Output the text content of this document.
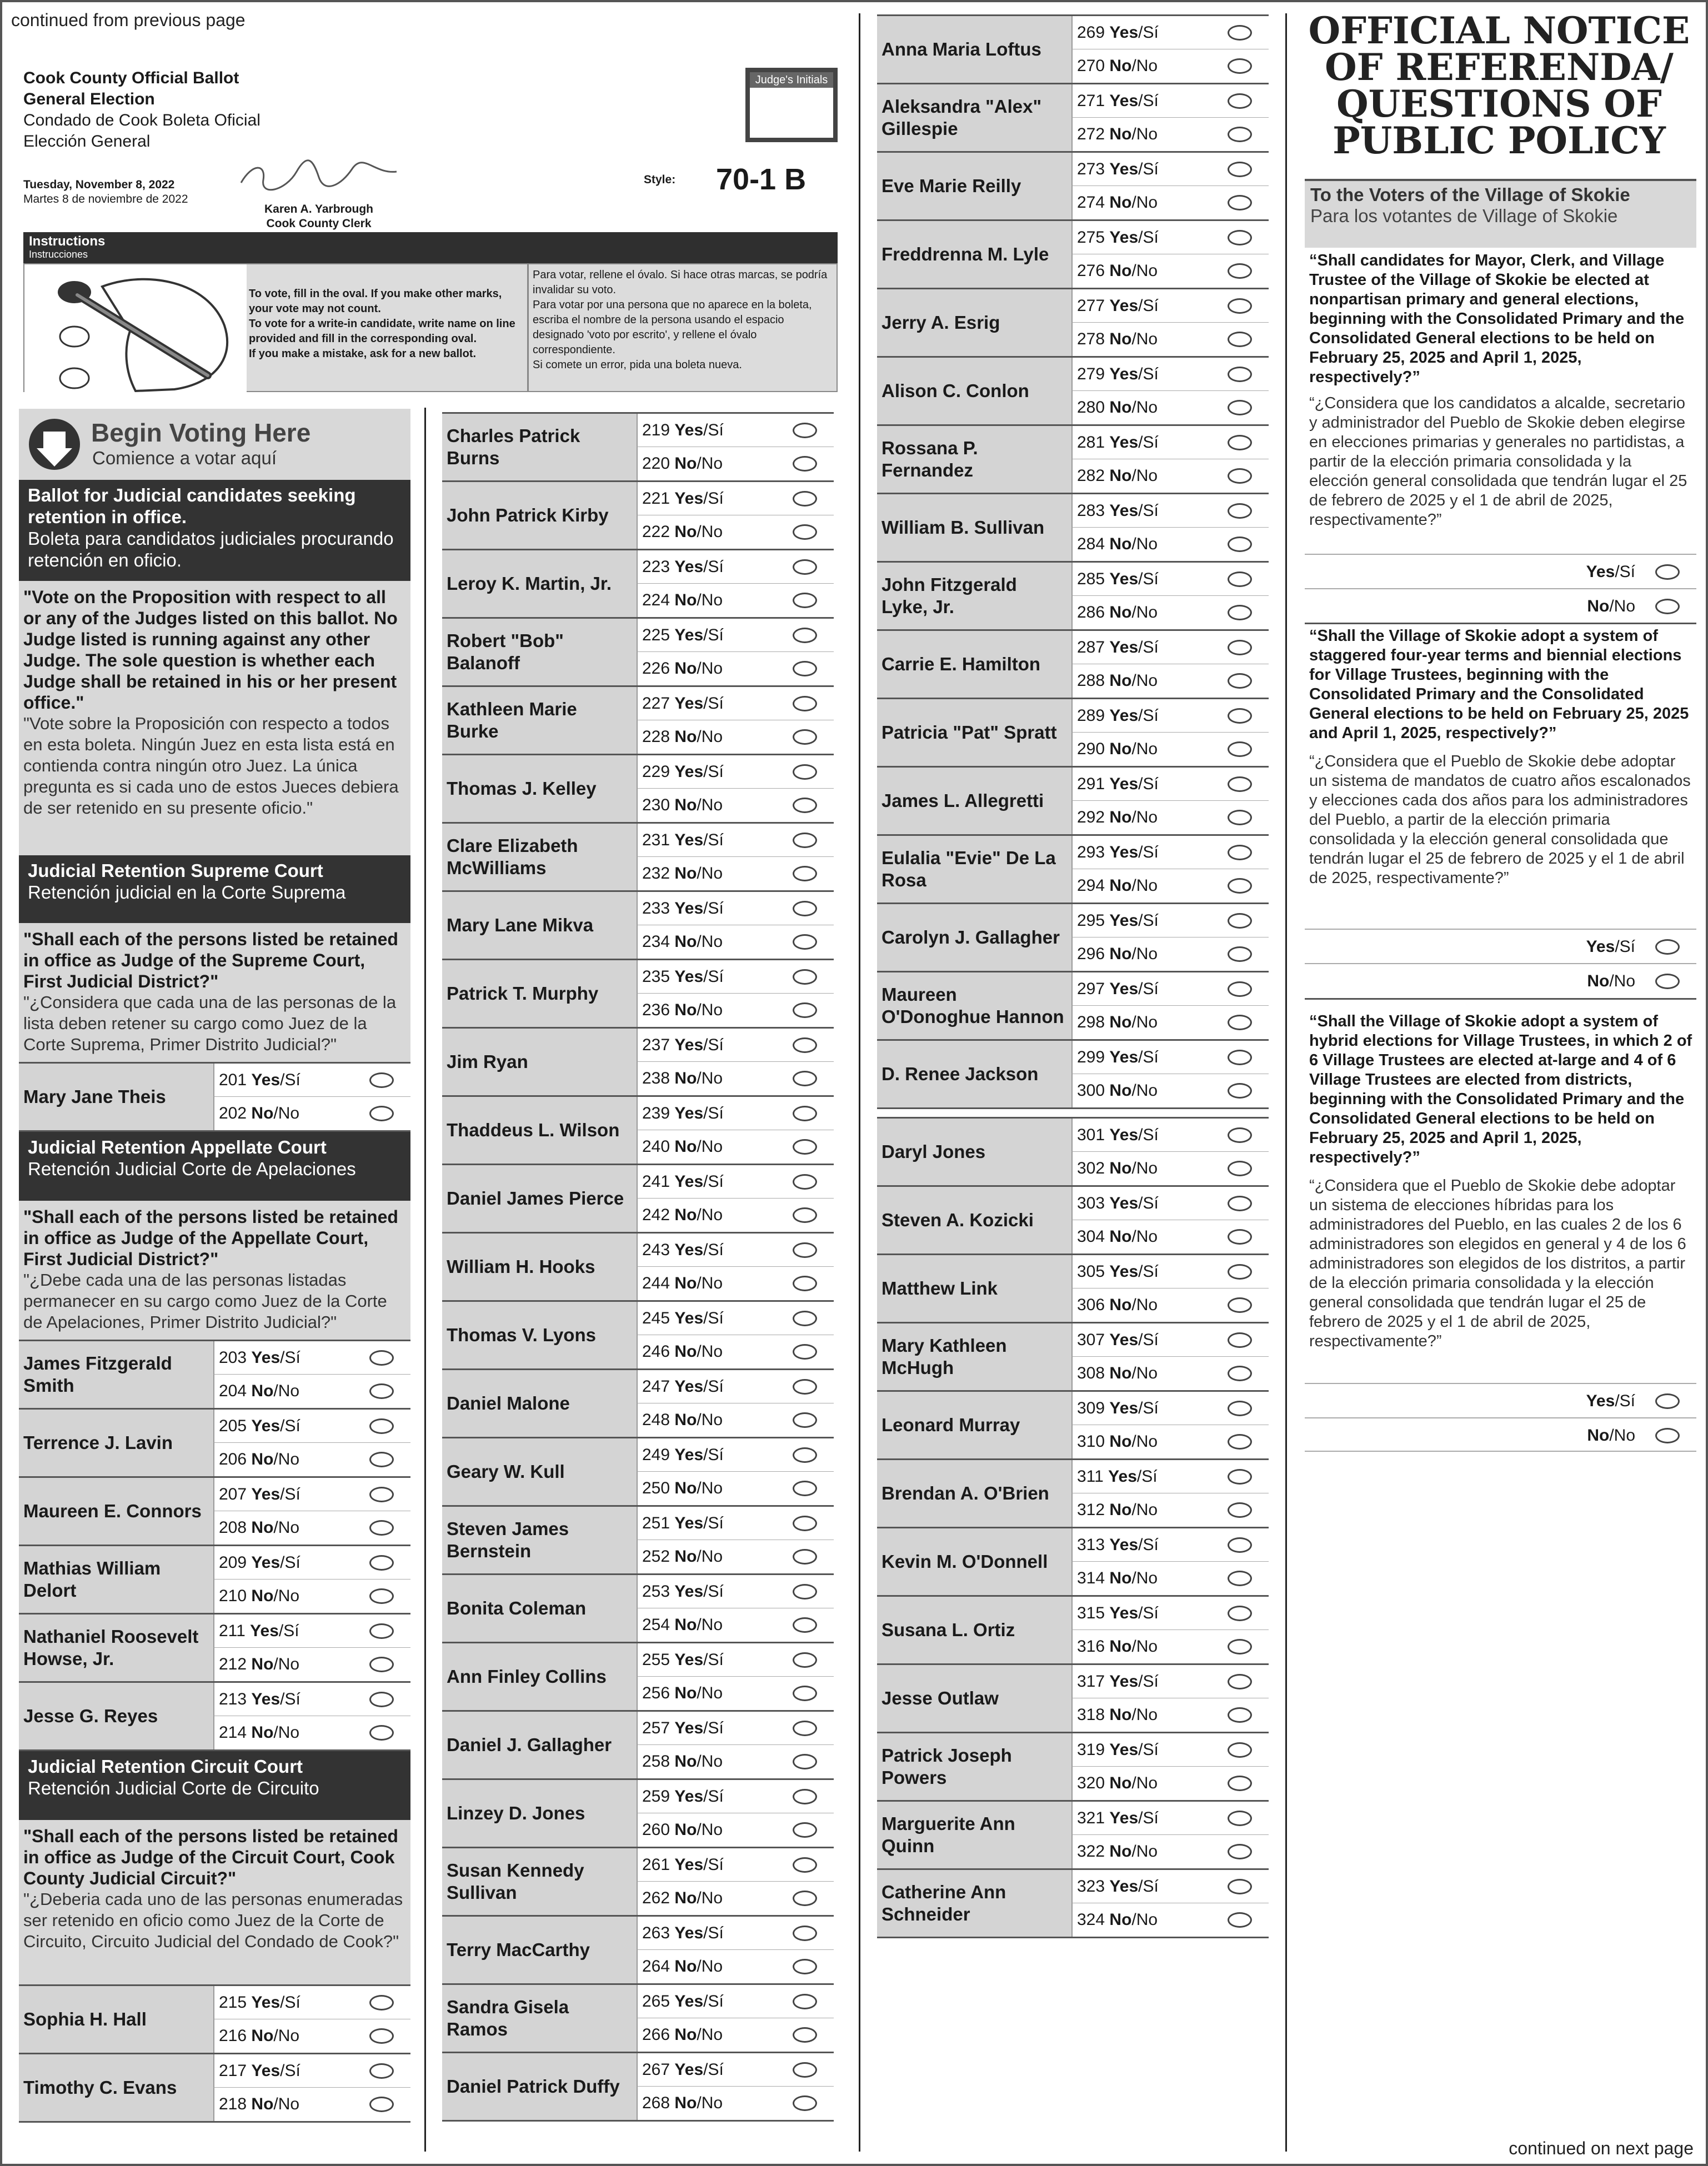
continued from previous page
Cook County Official Ballot
General Election
Condado de Cook Boleta Oficial
Elección General
Tuesday, November 8, 2022
Martes 8 de noviembre de 2022
Karen A. Yarbrough
Cook County Clerk
Style: 70-1 B
Judge's Initials
Instructions
Instrucciones
To vote, fill in the oval. If you make other marks, your vote may not count.
To vote for a write-in candidate, write name on line provided and fill in the corresponding oval.
If you make a mistake, ask for a new ballot.
Para votar, rellene el óvalo. Si hace otras marcas, se podría invalidar su voto.
Para votar por una persona que no aparece en la boleta, escriba el nombre de la persona usando el espacio designado 'voto por escrito', y rellene el óvalo correspondiente.
Si comete un error, pida una boleta nueva.
Begin Voting Here
Comience a votar aquí
Ballot for Judicial candidates seeking retention in office.
Boleta para candidatos judiciales procurando retención en oficio.
"Vote on the Proposition with respect to all or any of the Judges listed on this ballot. No Judge listed is running against any other Judge. The sole question is whether each Judge shall be retained in his or her present office."
"Vote sobre la Proposición con respecto a todos en esta boleta. Ningún Juez en esta lista está en contienda contra ningún otro Juez. La única pregunta es si cada uno de estos Jueces debiera de ser retenido en su presente oficio."
Judicial Retention Supreme Court
Retención judicial en la Corte Suprema
"Shall each of the persons listed be retained in office as Judge of the Supreme Court, First Judicial District?"
"¿Considera que cada una de las personas de la lista deben retener su cargo como Juez de la Corte Suprema, Primer Distrito Judicial?"
Mary Jane Theis
201 Yes/Sí
202 No/No
Judicial Retention Appellate Court
Retención Judicial Corte de Apelaciones
"Shall each of the persons listed be retained in office as Judge of the Appellate Court, First Judicial District?"
"¿Debe cada una de las personas listadas permanecer en su cargo como Juez de la Corte de Apelaciones, Primer Distrito Judicial?"
James Fitzgerald Smith
203 Yes/Sí
204 No/No
Terrence J. Lavin
205 Yes/Sí
206 No/No
Maureen E. Connors
207 Yes/Sí
208 No/No
Mathias William Delort
209 Yes/Sí
210 No/No
Nathaniel Roosevelt Howse, Jr.
211 Yes/Sí
212 No/No
Jesse G. Reyes
213 Yes/Sí
214 No/No
Judicial Retention Circuit Court
Retención Judicial Corte de Circuito
"Shall each of the persons listed be retained in office as Judge of the Circuit Court, Cook County Judicial Circuit?"
"¿Deberia cada uno de las personas enumeradas ser retenido en oficio como Juez de la Corte de Circuito, Circuito Judicial del Condado de Cook?"
Sophia H. Hall
215 Yes/Sí
216 No/No
Timothy C. Evans
217 Yes/Sí
218 No/No
Charles Patrick Burns
219 Yes/Sí
220 No/No
John Patrick Kirby
221 Yes/Sí
222 No/No
Leroy K. Martin, Jr.
223 Yes/Sí
224 No/No
Robert "Bob" Balanoff
225 Yes/Sí
226 No/No
Kathleen Marie Burke
227 Yes/Sí
228 No/No
Thomas J. Kelley
229 Yes/Sí
230 No/No
Clare Elizabeth McWilliams
231 Yes/Sí
232 No/No
Mary Lane Mikva
233 Yes/Sí
234 No/No
Patrick T. Murphy
235 Yes/Sí
236 No/No
Jim Ryan
237 Yes/Sí
238 No/No
Thaddeus L. Wilson
239 Yes/Sí
240 No/No
Daniel James Pierce
241 Yes/Sí
242 No/No
William H. Hooks
243 Yes/Sí
244 No/No
Thomas V. Lyons
245 Yes/Sí
246 No/No
Daniel Malone
247 Yes/Sí
248 No/No
Geary W. Kull
249 Yes/Sí
250 No/No
Steven James Bernstein
251 Yes/Sí
252 No/No
Bonita Coleman
253 Yes/Sí
254 No/No
Ann Finley Collins
255 Yes/Sí
256 No/No
Daniel J. Gallagher
257 Yes/Sí
258 No/No
Linzey D. Jones
259 Yes/Sí
260 No/No
Susan Kennedy Sullivan
261 Yes/Sí
262 No/No
Terry MacCarthy
263 Yes/Sí
264 No/No
Sandra Gisela Ramos
265 Yes/Sí
266 No/No
Daniel Patrick Duffy
267 Yes/Sí
268 No/No
Anna Maria Loftus
269 Yes/Sí
270 No/No
Aleksandra "Alex" Gillespie
271 Yes/Sí
272 No/No
Eve Marie Reilly
273 Yes/Sí
274 No/No
Freddrenna M. Lyle
275 Yes/Sí
276 No/No
Jerry A. Esrig
277 Yes/Sí
278 No/No
Alison C. Conlon
279 Yes/Sí
280 No/No
Rossana P. Fernandez
281 Yes/Sí
282 No/No
William B. Sullivan
283 Yes/Sí
284 No/No
John Fitzgerald Lyke, Jr.
285 Yes/Sí
286 No/No
Carrie E. Hamilton
287 Yes/Sí
288 No/No
Patricia "Pat" Spratt
289 Yes/Sí
290 No/No
James L. Allegretti
291 Yes/Sí
292 No/No
Eulalia "Evie" De La Rosa
293 Yes/Sí
294 No/No
Carolyn J. Gallagher
295 Yes/Sí
296 No/No
Maureen O'Donoghue Hannon
297 Yes/Sí
298 No/No
D. Renee Jackson
299 Yes/Sí
300 No/No
Daryl Jones
301 Yes/Sí
302 No/No
Steven A. Kozicki
303 Yes/Sí
304 No/No
Matthew Link
305 Yes/Sí
306 No/No
Mary Kathleen McHugh
307 Yes/Sí
308 No/No
Leonard Murray
309 Yes/Sí
310 No/No
Brendan A. O'Brien
311 Yes/Sí
312 No/No
Kevin M. O'Donnell
313 Yes/Sí
314 No/No
Susana L. Ortiz
315 Yes/Sí
316 No/No
Jesse Outlaw
317 Yes/Sí
318 No/No
Patrick Joseph Powers
319 Yes/Sí
320 No/No
Marguerite Ann Quinn
321 Yes/Sí
322 No/No
Catherine Ann Schneider
323 Yes/Sí
324 No/No
OFFICIAL NOTICE OF REFERENDA/ QUESTIONS OF PUBLIC POLICY
To the Voters of the Village of Skokie
Para los votantes de Village of Skokie
“Shall candidates for Mayor, Clerk, and Village Trustee of the Village of Skokie be elected at nonpartisan primary and general elections, beginning with the Consolidated Primary and the Consolidated General elections to be held on February 25, 2025 and April 1, 2025, respectively?”
“¿Considera que los candidatos a alcalde, secretario y administrador del Pueblo de Skokie deben elegirse en elecciones primarias y generales no partidistas, a partir de la elección primaria consolidada y la elección general consolidada que tendrán lugar el 25 de febrero de 2025 y el 1 de abril de 2025, respectivamente?”
Yes/Sí
No/No
“Shall the Village of Skokie adopt a system of staggered four-year terms and biennial elections for Village Trustees, beginning with the Consolidated Primary and the Consolidated General elections to be held on February 25, 2025 and April 1, 2025, respectively?”
“¿Considera que el Pueblo de Skokie debe adoptar un sistema de mandatos de cuatro años escalonados y elecciones cada dos años para los administradores del Pueblo, a partir de la elección primaria consolidada y la elección general consolidada que tendrán lugar el 25 de febrero de 2025 y el 1 de abril de 2025, respectivamente?”
Yes/Sí
No/No
“Shall the Village of Skokie adopt a system of hybrid elections for Village Trustees, in which 2 of 6 Village Trustees are elected at-large and 4 of 6 Village Trustees are elected from districts, beginning with the Consolidated Primary and the Consolidated General elections to be held on February 25, 2025 and April 1, 2025, respectively?”
“¿Considera que el Pueblo de Skokie debe adoptar un sistema de elecciones híbridas para los administradores del Pueblo, en las cuales 2 de los 6 administradores son elegidos en general y 4 de los 6 administradores son elegidos de los distritos, a partir de la elección primaria consolidada y la elección general consolidada que tendrán lugar el 25 de febrero de 2025 y el 1 de abril de 2025, respectivamente?”
Yes/Sí
No/No
continued on next page
